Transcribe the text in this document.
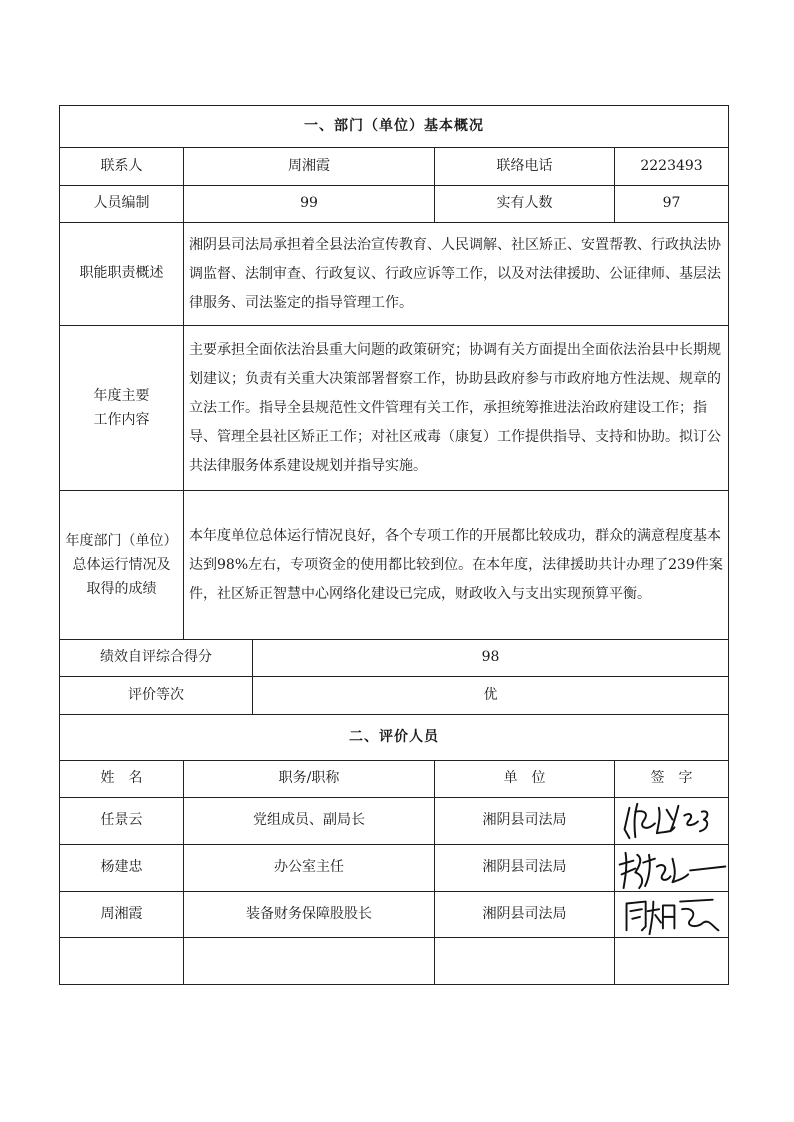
一、部门（单位）基本概况				
联系人	周湘霞		联络电话	2223493
人员编制	99		实有人数	97
职能职责概述	湘阴县司法局承担着全县法治宣传教育、人民调解、社区矫正、安置帮教、行政执法协调监督、法制审查、行政复议、行政应诉等工作，以及对法律援助、公证律师、基层法律服务、司法鉴定的指导管理工作。			

年度主要
工作内容	主要承担全面依法治县重大问题的政策研究；协调有关方面提出全面依法治县中长期规划建议；负责有关重大决策部署督察工作，协助县政府参与市政府地方性法规、规章的立法工作。指导全县规范性文件管理有关工作，承担统筹推进法治政府建设工作；指导、管理全县社区矫正工作；对社区戒毒（康复）工作提供指导、支持和协助。拟订公共法律服务体系建设规划并指导实施。			

年度部门（单位）
总体运行情况及
取得的成绩	本年度单位总体运行情况良好，各个专项工作的开展都比较成功，群众的满意程度基本达到98%左右，专项资金的使用都比较到位。在本年度，法律援助共计办理了239件案件，社区矫正智慧中心网络化建设已完成，财政收入与支出实现预算平衡。			
绩效自评综合得分		98		
评价等次		优		
二、评价人员				
姓　名	职务/职称		单　位	签　字
任景云	党组成员、副局长		湘阴县司法局	

杨建忠	办公室主任		湘阴县司法局	

周湘霞	装备财务保障股股长		湘阴县司法局	
